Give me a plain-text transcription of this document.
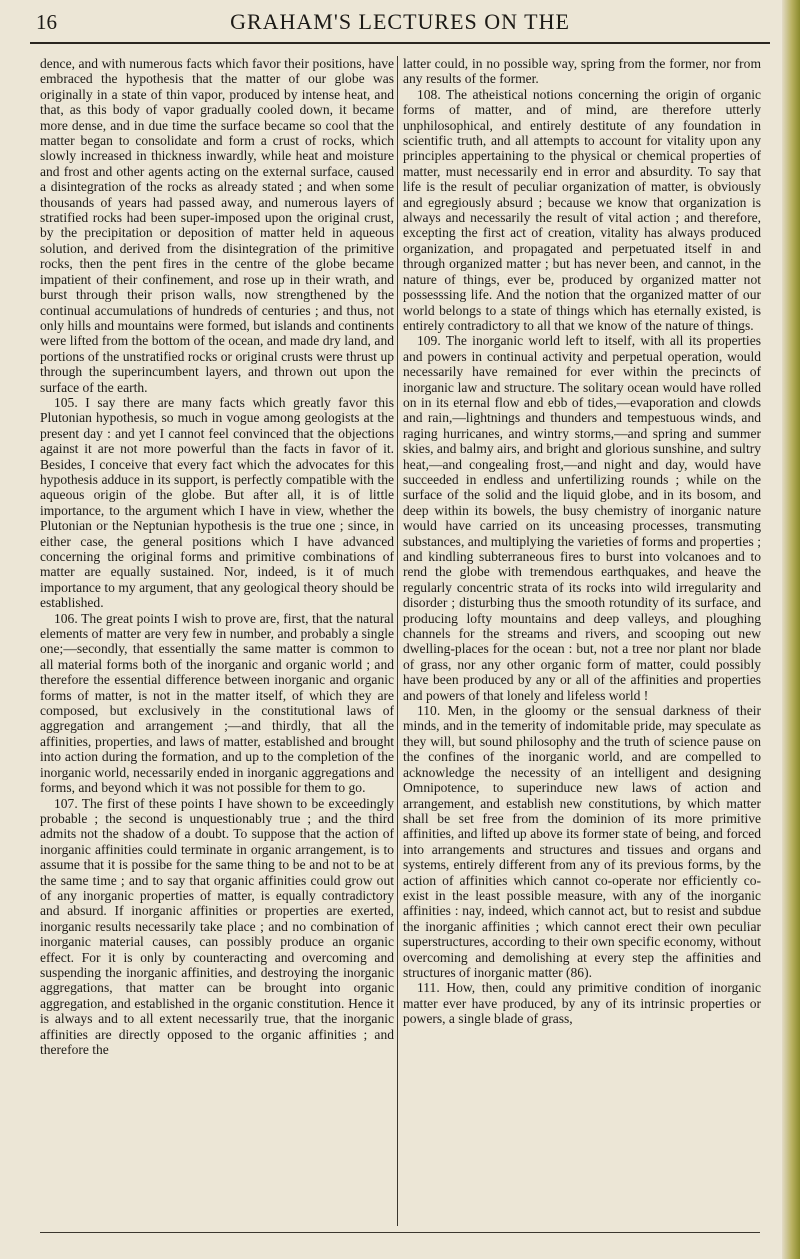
16	GRAHAM'S LECTURES ON THE

dence, and with numerous facts which favor their positions, have embraced the hypothesis that the matter of our globe was originally in a state of thin vapor, produced by intense heat, and that, as this body of vapor gradually cooled down, it became more dense, and in due time the surface became so cool that the matter began to consolidate and form a crust of rocks, which slowly increased in thickness inwardly, while heat and moisture and frost and other agents acting on the external surface, caused a disintegration of the rocks as already stated ; and when some thousands of years had passed away, and numerous layers of stratified rocks had been super-imposed upon the original crust, by the precipitation or deposition of matter held in aqueous solution, and derived from the disintegration of the primitive rocks, then the pent fires in the centre of the globe became impatient of their confinement, and rose up in their wrath, and burst through their prison walls, now strengthened by the continual accumulations of hundreds of centuries ; and thus, not only hills and mountains were formed, but islands and continents were lifted from the bottom of the ocean, and made dry land, and portions of the unstratified rocks or original crusts were thrust up through the superincumbent layers, and thrown out upon the surface of the earth.

105. I say there are many facts which greatly favor this Plutonian hypothesis, so much in vogue among geologists at the present day : and yet I cannot feel convinced that the objections against it are not more powerful than the facts in favor of it. Besides, I conceive that every fact which the advocates for this hypothesis adduce in its support, is perfectly compatible with the aqueous origin of the globe. But after all, it is of little importance, to the argument which I have in view, whether the Plutonian or the Neptunian hypothesis is the true one ; since, in either case, the general positions which I have advanced concerning the original forms and primitive combinations of matter are equally sustained. Nor, indeed, is it of much importance to my argument, that any geological theory should be established.

106. The great points I wish to prove are, first, that the natural elements of matter are very few in number, and probably a single one;—secondly, that essentially the same matter is common to all material forms both of the inorganic and organic world ; and therefore the essential difference between inorganic and organic forms of matter, is not in the matter itself, of which they are composed, but exclusively in the constitutional laws of aggregation and arrangement ;—and thirdly, that all the affinities, properties, and laws of matter, established and brought into action during the formation, and up to the completion of the inorganic world, necessarily ended in inorganic aggregations and forms, and beyond which it was not possible for them to go.

107. The first of these points I have shown to be exceedingly probable ; the second is unquestionably true ; and the third admits not the shadow of a doubt. To suppose that the action of inorganic affinities could terminate in organic arrangement, is to assume that it is possibe for the same thing to be and not to be at the same time ; and to say that organic affinities could grow out of any inorganic properties of matter, is equally contradictory and absurd. If inorganic affinities or properties are exerted, inorganic results necessarily take place ; and no combination of inorganic material causes, can possibly produce an organic effect. For it is only by counteracting and overcoming and suspending the inorganic affinities, and destroying the inorganic aggregations, that matter can be brought into organic aggregation, and established in the organic constitution. Hence it is always and to all extent necessarily true, that the inorganic affinities are directly opposed to the organic affinities ; and therefore the

latter could, in no possible way, spring from the former, nor from any results of the former.

108. The atheistical notions concerning the origin of organic forms of matter, and of mind, are therefore utterly unphilosophical, and entirely destitute of any foundation in scientific truth, and all attempts to account for vitality upon any principles appertaining to the physical or chemical properties of matter, must necessarily end in error and absurdity. To say that life is the result of peculiar organization of matter, is obviously and egregiously absurd ; because we know that organization is always and necessarily the result of vital action ; and therefore, excepting the first act of creation, vitality has always produced organization, and propagated and perpetuated itself in and through organized matter ; but has never been, and cannot, in the nature of things, ever be, produced by organized matter not possesssing life. And the notion that the organized matter of our world belongs to a state of things which has eternally existed, is entirely contradictory to all that we know of the nature of things.

109. The inorganic world left to itself, with all its properties and powers in continual activity and perpetual operation, would necessarily have remained for ever within the precincts of inorganic law and structure. The solitary ocean would have rolled on in its eternal flow and ebb of tides,—evaporation and clowds and rain,—lightnings and thunders and tempestuous winds, and raging hurricanes, and wintry storms,—and spring and summer skies, and balmy airs, and bright and glorious sunshine, and sultry heat,—and congealing frost,—and night and day, would have succeeded in endless and unfertilizing rounds ; while on the surface of the solid and the liquid globe, and in its bosom, and deep within its bowels, the busy chemistry of inorganic nature would have carried on its unceasing processes, transmuting substances, and multiplying the varieties of forms and properties ; and kindling subterraneous fires to burst into volcanoes and to rend the globe with tremendous earthquakes, and heave the regularly concentric strata of its rocks into wild irregularity and disorder ; disturbing thus the smooth rotundity of its surface, and producing lofty mountains and deep valleys, and ploughing channels for the streams and rivers, and scooping out new dwelling-places for the ocean : but, not a tree nor plant nor blade of grass, nor any other organic form of matter, could possibly have been produced by any or all of the affinities and properties and powers of that lonely and lifeless world !

110. Men, in the gloomy or the sensual darkness of their minds, and in the temerity of indomitable pride, may speculate as they will, but sound philosophy and the truth of science pause on the confines of the inorganic world, and are compelled to acknowledge the necessity of an intelligent and designing Omnipotence, to superinduce new laws of action and arrangement, and establish new constitutions, by which matter shall be set free from the dominion of its more primitive affinities, and lifted up above its former state of being, and forced into arrangements and structures and tissues and organs and systems, entirely different from any of its previous forms, by the action of affinities which cannot co-operate nor efficiently co-exist in the least possible measure, with any of the inorganic affinities : nay, indeed, which cannot act, but to resist and subdue the inorganic affinities ; which cannot erect their own peculiar superstructures, according to their own specific economy, without overcoming and demolishing at every step the affinities and structures of inorganic matter (86).

111. How, then, could any primitive condition of inorganic matter ever have produced, by any of its intrinsic properties or powers, a single blade of grass,
